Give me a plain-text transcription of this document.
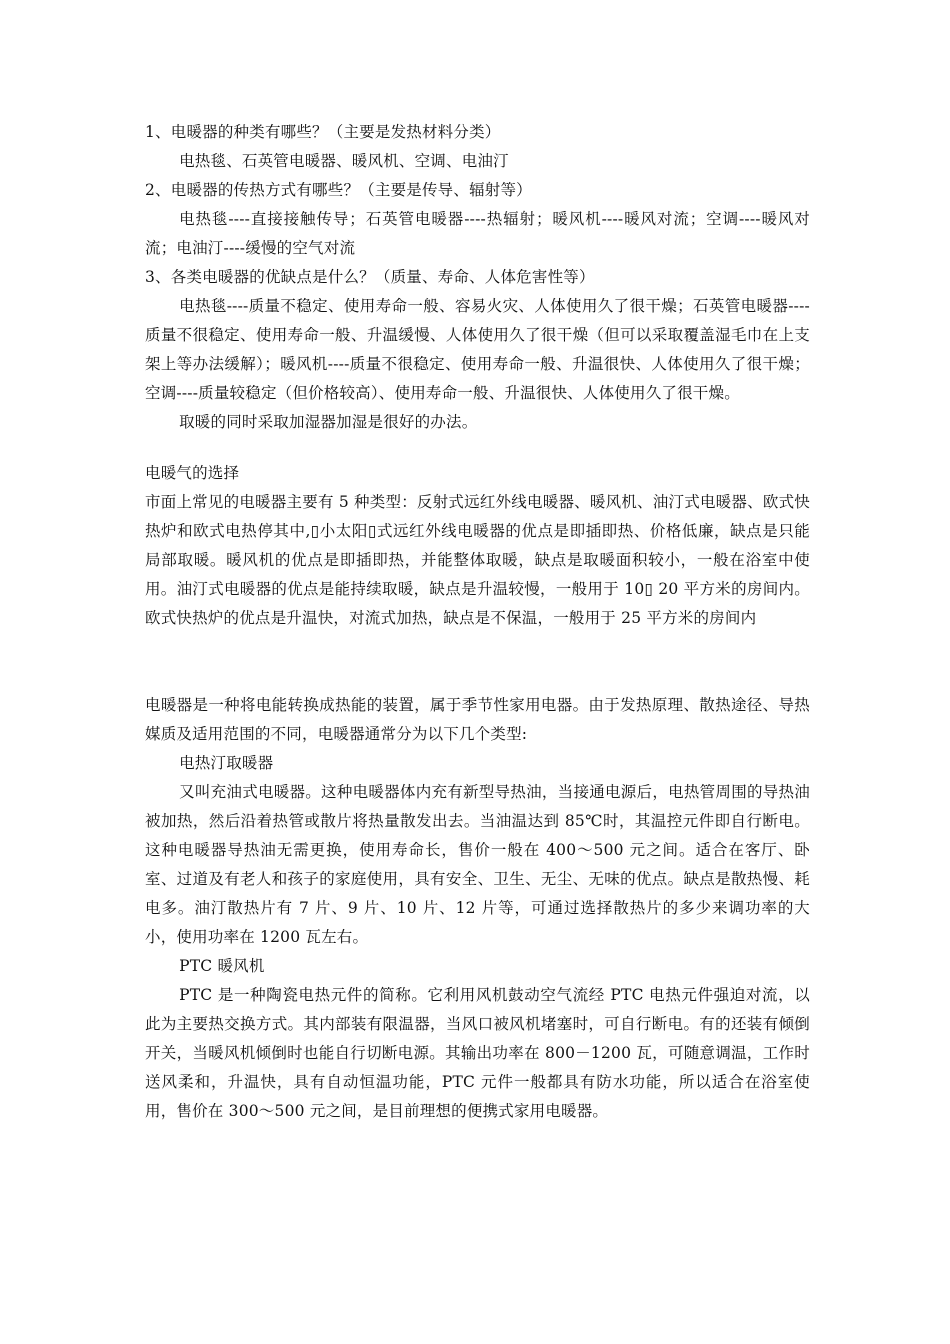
1、电暖器的种类有哪些？（主要是发热材料分类）

电热毯、石英管电暖器、暖风机、空调、电油汀

2、电暖器的传热方式有哪些？（主要是传导、辐射等）

电热毯----直接接触传导；石英管电暖器----热辐射；暖风机----暖风对流；空调----暖风对流；电油汀----缓慢的空气对流

3、各类电暖器的优缺点是什么？（质量、寿命、人体危害性等）

电热毯----质量不稳定、使用寿命一般、容易火灾、人体使用久了很干燥；石英管电暖器----质量不很稳定、使用寿命一般、升温缓慢、人体使用久了很干燥（但可以采取覆盖湿毛巾在上支架上等办法缓解）；暖风机----质量不很稳定、使用寿命一般、升温很快、人体使用久了很干燥；空调----质量较稳定（但价格较高）、使用寿命一般、升温很快、人体使用久了很干燥。

取暖的同时采取加湿器加湿是很好的办法。

电暖气的选择

市面上常见的电暖器主要有 5 种类型：反射式远红外线电暖器、暖风机、油汀式电暖器、欧式快热炉和欧式电热停其中,▯小太阳▯式远红外线电暖器的优点是即插即热、价格低廉，缺点是只能局部取暖。暖风机的优点是即插即热，并能整体取暖，缺点是取暖面积较小，一般在浴室中使用。油汀式电暖器的优点是能持续取暖，缺点是升温较慢，一般用于 10▯ 20 平方米的房间内。欧式快热炉的优点是升温快，对流式加热，缺点是不保温，一般用于 25 平方米的房间内

电暖器是一种将电能转换成热能的装置，属于季节性家用电器。由于发热原理、散热途径、导热媒质及适用范围的不同，电暖器通常分为以下几个类型:

电热汀取暖器

又叫充油式电暖器。这种电暖器体内充有新型导热油，当接通电源后，电热管周围的导热油被加热，然后沿着热管或散片将热量散发出去。当油温达到 85℃时，其温控元件即自行断电。这种电暖器导热油无需更换，使用寿命长，售价一般在 400～500 元之间。适合在客厅、卧室、过道及有老人和孩子的家庭使用，具有安全、卫生、无尘、无味的优点。缺点是散热慢、耗电多。油汀散热片有 7 片、9 片、10 片、12 片等，可通过选择散热片的多少来调功率的大小，使用功率在 1200 瓦左右。

PTC 暖风机

PTC 是一种陶瓷电热元件的简称。它利用风机鼓动空气流经 PTC 电热元件强迫对流，以此为主要热交换方式。其内部装有限温器，当风口被风机堵塞时，可自行断电。有的还装有倾倒开关，当暖风机倾倒时也能自行切断电源。其输出功率在 800－1200 瓦，可随意调温，工作时送风柔和，升温快，具有自动恒温功能，PTC 元件一般都具有防水功能，所以适合在浴室使用，售价在 300～500 元之间，是目前理想的便携式家用电暖器。
